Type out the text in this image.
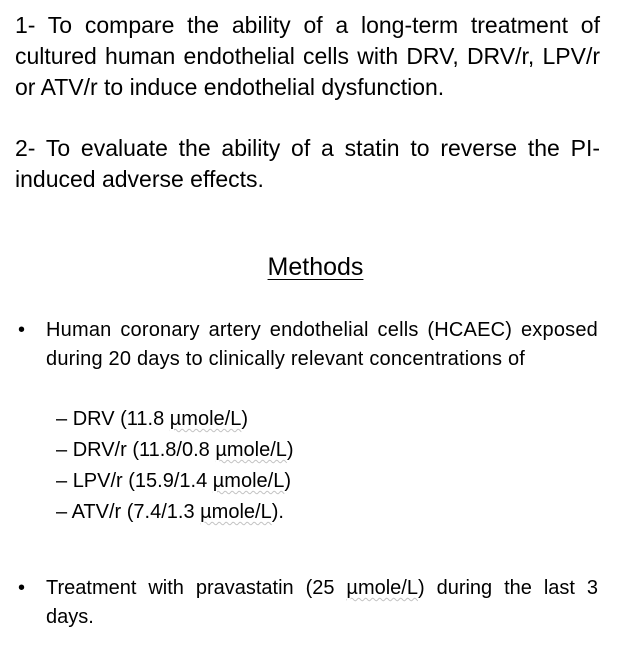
1- To compare the ability of a long-term treatment of cultured human endothelial cells with DRV, DRV/r, LPV/r or ATV/r to induce endothelial dysfunction.
2- To evaluate the ability of a statin to reverse the PI-induced adverse effects.
Methods
•	Human coronary artery endothelial cells (HCAEC) exposed during 20 days to clinically relevant concentrations of
– DRV (11.8 µmole/L)
– DRV/r (11.8/0.8 µmole/L)
– LPV/r (15.9/1.4 µmole/L)
– ATV/r (7.4/1.3 µmole/L).
•	Treatment with pravastatin (25 µmole/L) during the last 3 days.
